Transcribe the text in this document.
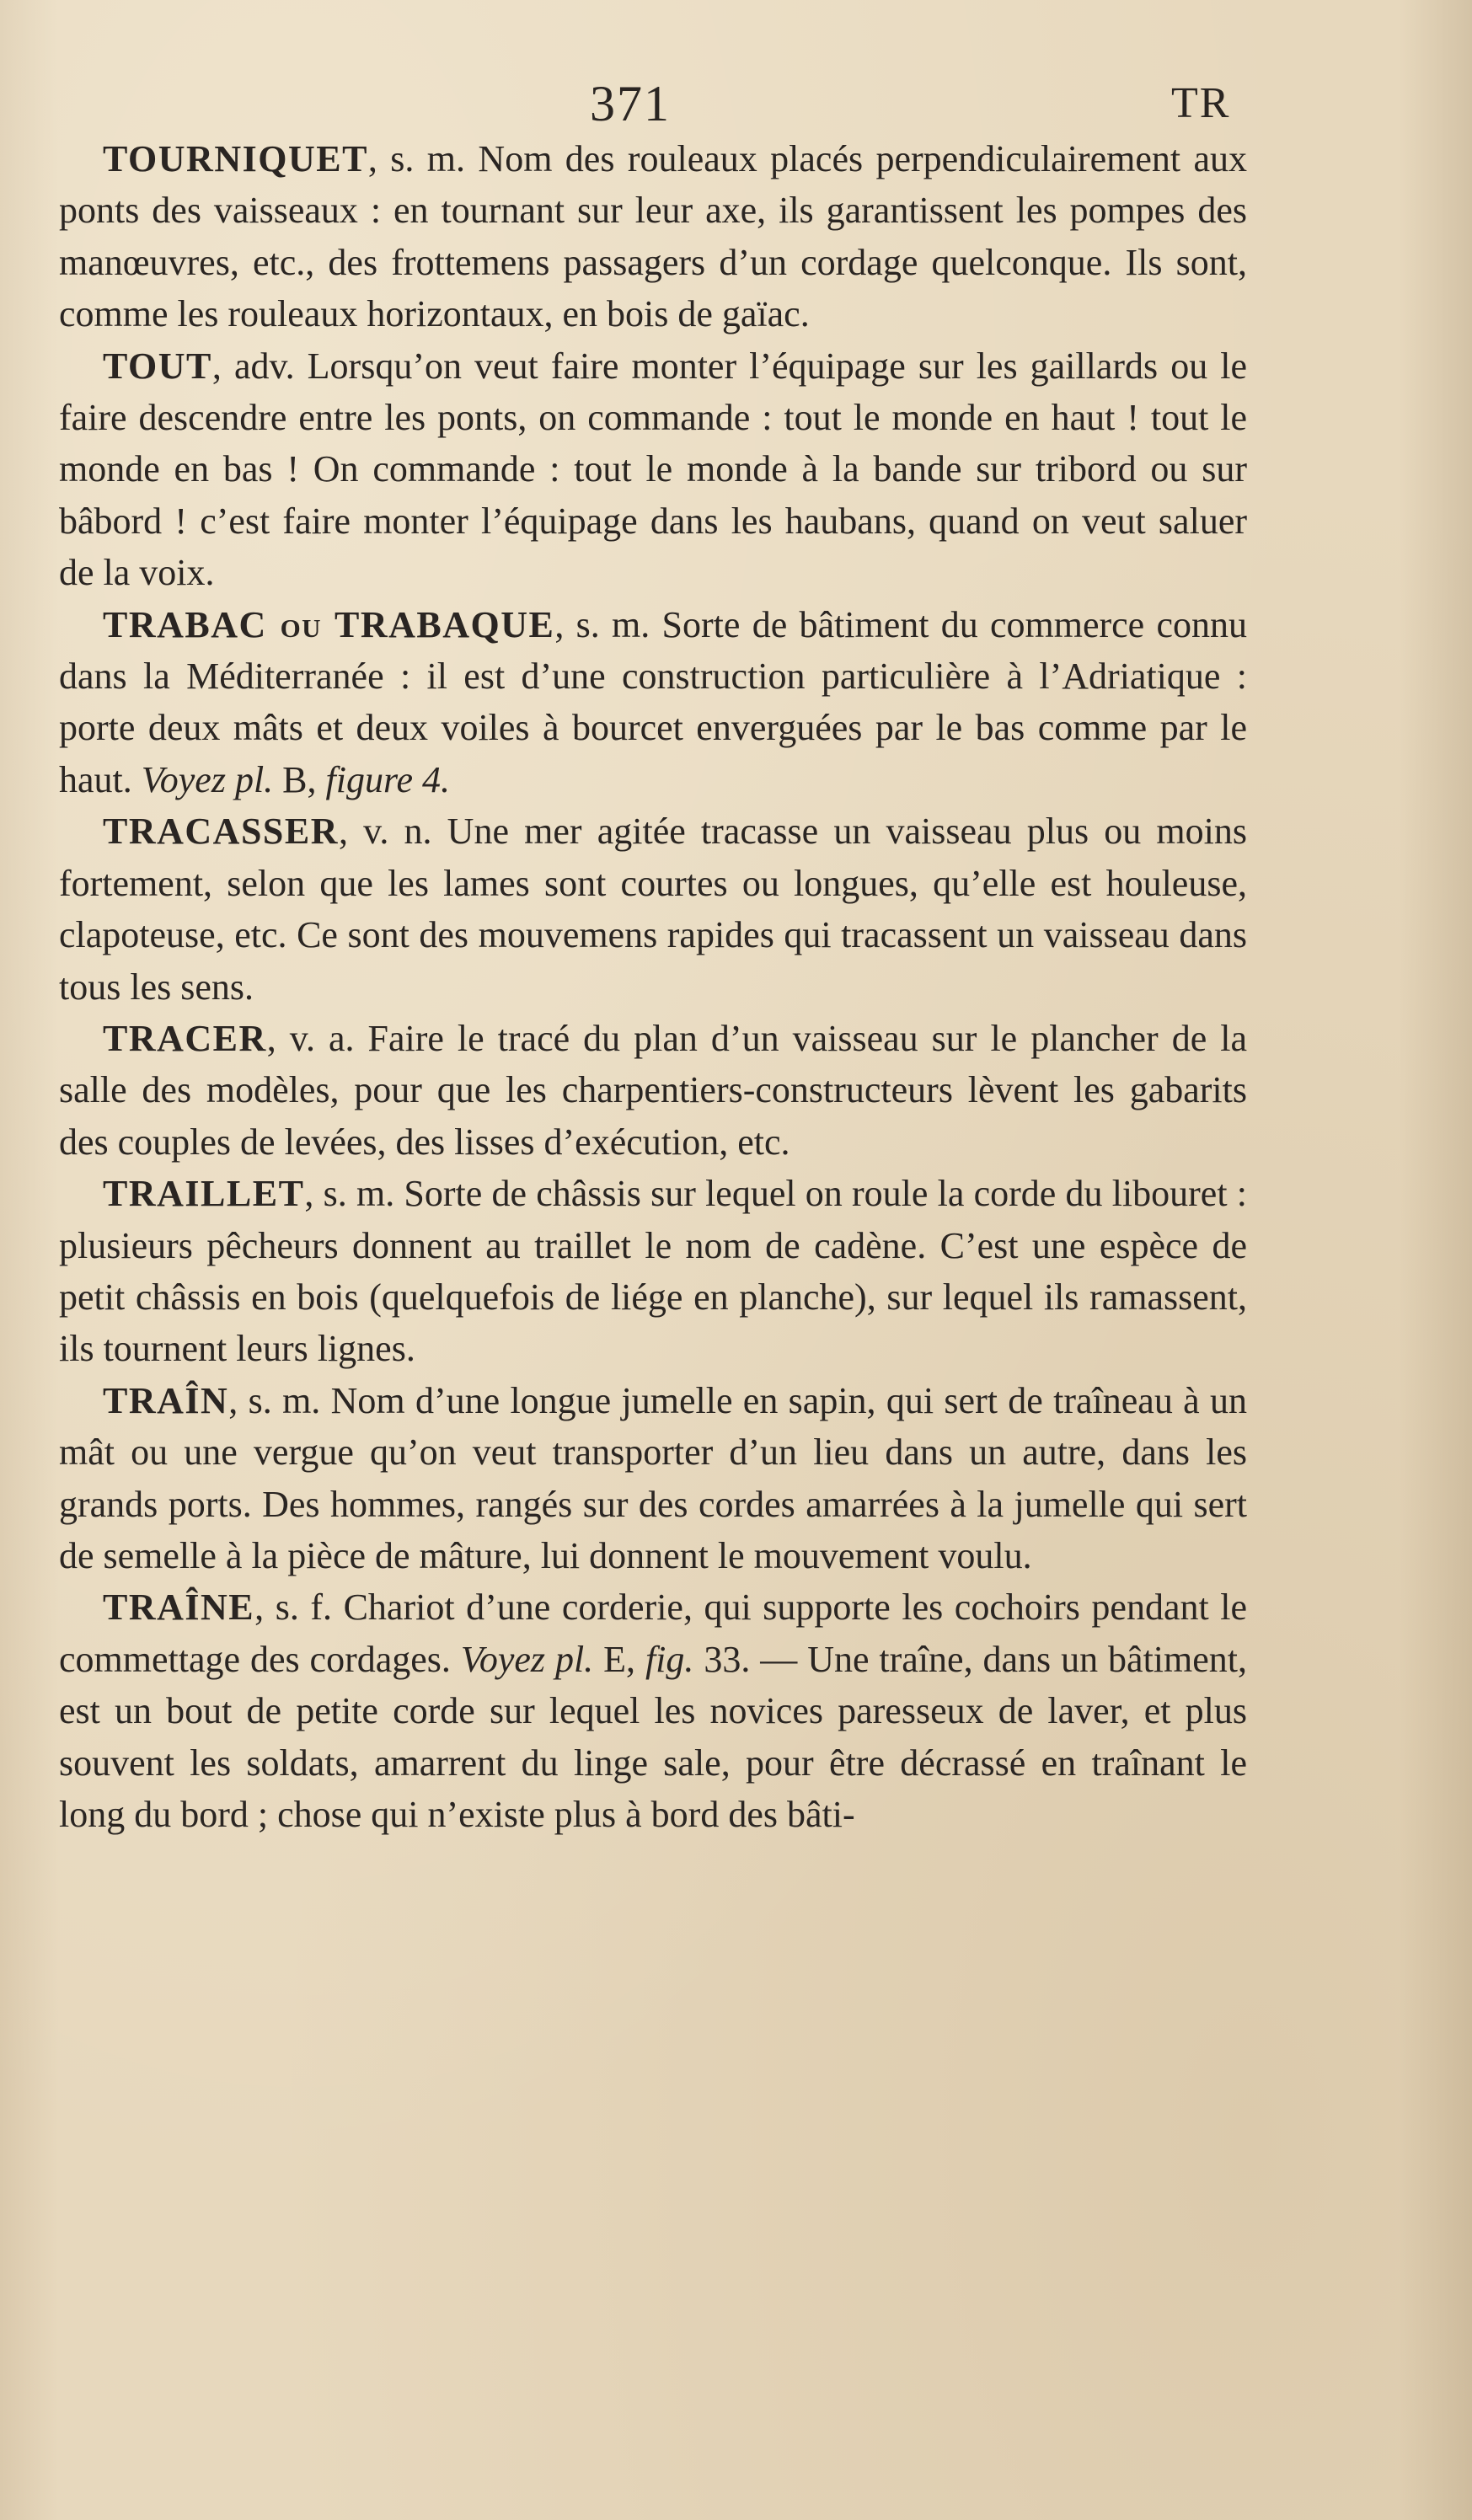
371	TR

TOURNIQUET, s. m. Nom des rouleaux placés perpendiculairement aux ponts des vaisseaux : en tournant sur leur axe, ils garantissent les pompes des manœuvres, etc., des frottemens passagers d’un cordage quelconque. Ils sont, comme les rouleaux horizontaux, en bois de gaïac.

TOUT, adv. Lorsqu’on veut faire monter l’équipage sur les gaillards ou le faire descendre entre les ponts, on commande : tout le monde en haut ! tout le monde en bas ! On commande : tout le monde à la bande sur tribord ou sur bâbord ! c’est faire monter l’équipage dans les haubans, quand on veut saluer de la voix.

TRABAC ou TRABAQUE, s. m. Sorte de bâtiment du commerce connu dans la Méditerranée : il est d’une construction particulière à l’Adriatique : porte deux mâts et deux voiles à bourcet enverguées par le bas comme par le haut. Voyez pl. B, figure 4.

TRACASSER, v. n. Une mer agitée tracasse un vaisseau plus ou moins fortement, selon que les lames sont courtes ou longues, qu’elle est houleuse, clapoteuse, etc. Ce sont des mouvemens rapides qui tracassent un vaisseau dans tous les sens.

TRACER, v. a. Faire le tracé du plan d’un vaisseau sur le plancher de la salle des modèles, pour que les charpentiers-constructeurs lèvent les gabarits des couples de levées, des lisses d’exécution, etc.

TRAILLET, s. m. Sorte de châssis sur lequel on roule la corde du libouret : plusieurs pêcheurs donnent au traillet le nom de cadène. C’est une espèce de petit châssis en bois (quelquefois de liége en planche), sur lequel ils ramassent, ils tournent leurs lignes.

TRAÎN, s. m. Nom d’une longue jumelle en sapin, qui sert de traîneau à un mât ou une vergue qu’on veut transporter d’un lieu dans un autre, dans les grands ports. Des hommes, rangés sur des cordes amarrées à la jumelle qui sert de semelle à la pièce de mâture, lui donnent le mouvement voulu.

TRAÎNE, s. f. Chariot d’une corderie, qui supporte les cochoirs pendant le commettage des cordages. Voyez pl. E, fig. 33. — Une traîne, dans un bâtiment, est un bout de petite corde sur lequel les novices paresseux de laver, et plus souvent les soldats, amarrent du linge sale, pour être décrassé en traînant le long du bord ; chose qui n’existe plus à bord des bâti-
